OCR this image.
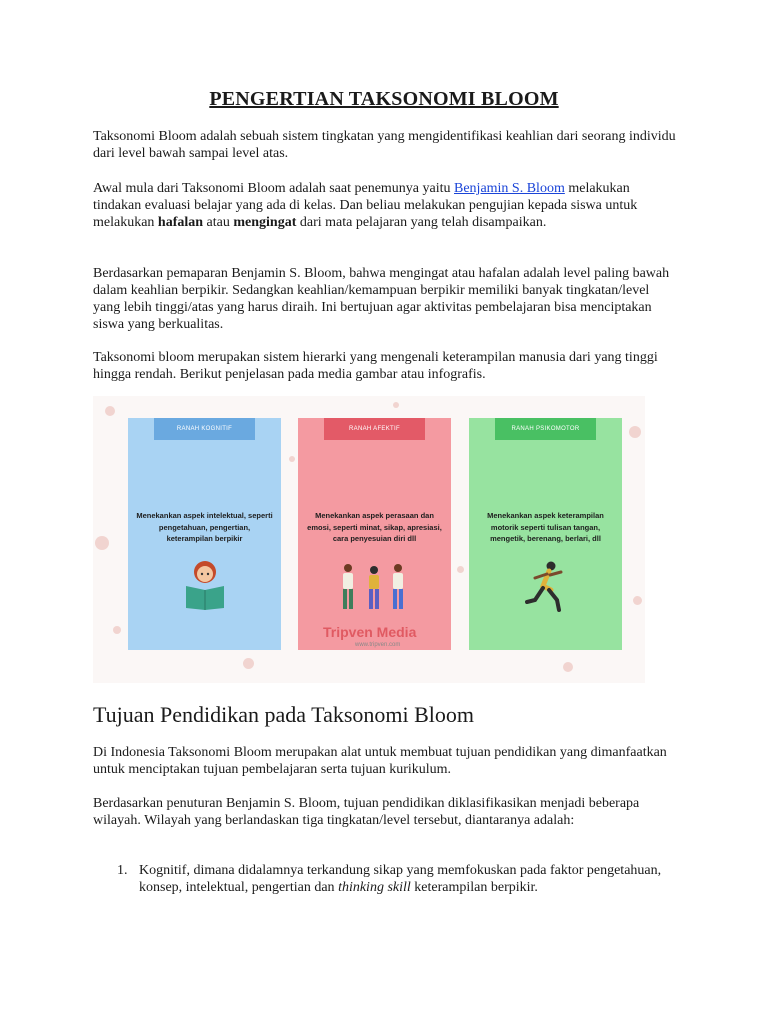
PENGERTIAN TAKSONOMI BLOOM

Taksonomi Bloom adalah sebuah sistem tingkatan yang mengidentifikasi keahlian dari seorang individu dari level bawah sampai level atas.

Awal mula dari Taksonomi Bloom adalah saat penemunya yaitu Benjamin S. Bloom melakukan tindakan evaluasi belajar yang ada di kelas. Dan beliau melakukan pengujian kepada siswa untuk melakukan hafalan atau mengingat dari mata pelajaran yang telah disampaikan.

Berdasarkan pemaparan Benjamin S. Bloom, bahwa mengingat atau hafalan adalah level paling bawah dalam keahlian berpikir. Sedangkan keahlian/kemampuan berpikir memiliki banyak tingkatan/level yang lebih tinggi/atas yang harus diraih. Ini bertujuan agar aktivitas pembelajaran bisa menciptakan siswa yang berkualitas.

Taksonomi bloom merupakan sistem hierarki yang mengenali keterampilan manusia dari yang tinggi hingga rendah. Berikut penjelasan pada media gambar atau infografis.

RANAH KOGNITIF
Menekankan aspek intelektual, seperti pengetahuan, pengertian, keterampilan berpikir
RANAH AFEKTIF
Menekankan aspek perasaan dan emosi, seperti minat, sikap, apresiasi, cara penyesuian diri dll
RANAH PSIKOMOTOR
Menekankan aspek keterampilan motorik seperti tulisan tangan, mengetik, berenang, berlari, dll
Tripven Media
www.tripven.com
Tujuan Pendidikan pada Taksonomi Bloom

Di Indonesia Taksonomi Bloom merupakan alat untuk membuat tujuan pendidikan yang dimanfaatkan untuk menciptakan tujuan pembelajaran serta tujuan kurikulum.

Berdasarkan penuturan Benjamin S. Bloom, tujuan pendidikan diklasifikasikan menjadi beberapa wilayah. Wilayah yang berlandaskan tiga tingkatan/level tersebut, diantaranya adalah:

1. Kognitif, dimana didalamnya terkandung sikap yang memfokuskan pada faktor pengetahuan, konsep, intelektual, pengertian dan thinking skill keterampilan berpikir.
